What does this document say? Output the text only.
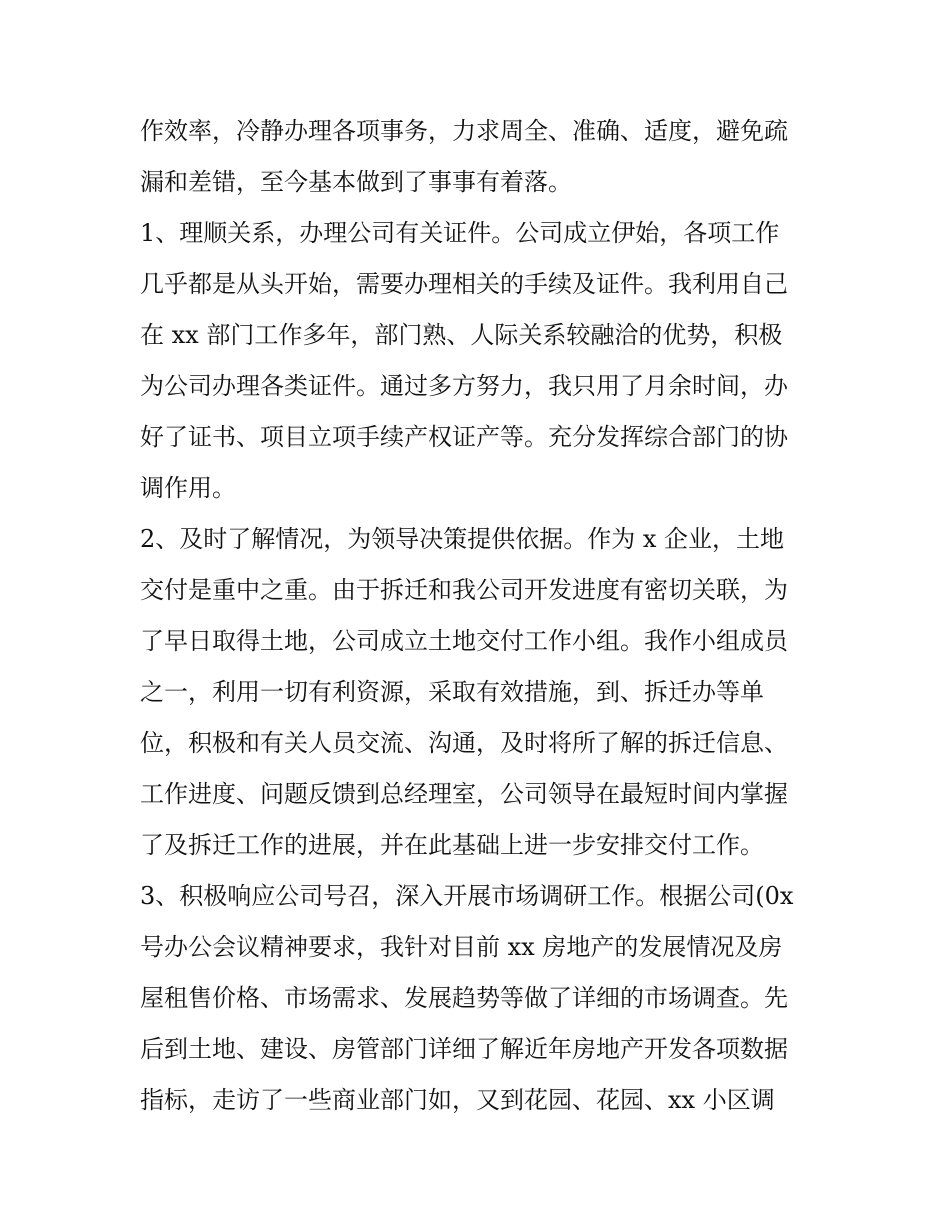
作效率，冷静办理各项事务，力求周全、准确、适度，避免疏
漏和差错，至今基本做到了事事有着落。
1、理顺关系，办理公司有关证件。公司成立伊始，各项工作
几乎都是从头开始，需要办理相关的手续及证件。我利用自己
在 xx 部门工作多年，部门熟、人际关系较融洽的优势，积极
为公司办理各类证件。通过多方努力，我只用了月余时间，办
好了证书、项目立项手续产权证产等。充分发挥综合部门的协
调作用。
2、及时了解情况，为领导决策提供依据。作为 x 企业，土地
交付是重中之重。由于拆迁和我公司开发进度有密切关联，为
了早日取得土地，公司成立土地交付工作小组。我作小组成员
之一，利用一切有利资源，采取有效措施，到、拆迁办等单
位，积极和有关人员交流、沟通，及时将所了解的拆迁信息、
工作进度、问题反馈到总经理室，公司领导在最短时间内掌握
了及拆迁工作的进展，并在此基础上进一步安排交付工作。
3、积极响应公司号召，深入开展市场调研工作。根据公司(0x
号办公会议精神要求，我针对目前 xx 房地产的发展情况及房
屋租售价格、市场需求、发展趋势等做了详细的市场调查。先
后到土地、建设、房管部门详细了解近年房地产开发各项数据
指标，走访了一些商业部门如，又到花园、花园、xx 小区调
